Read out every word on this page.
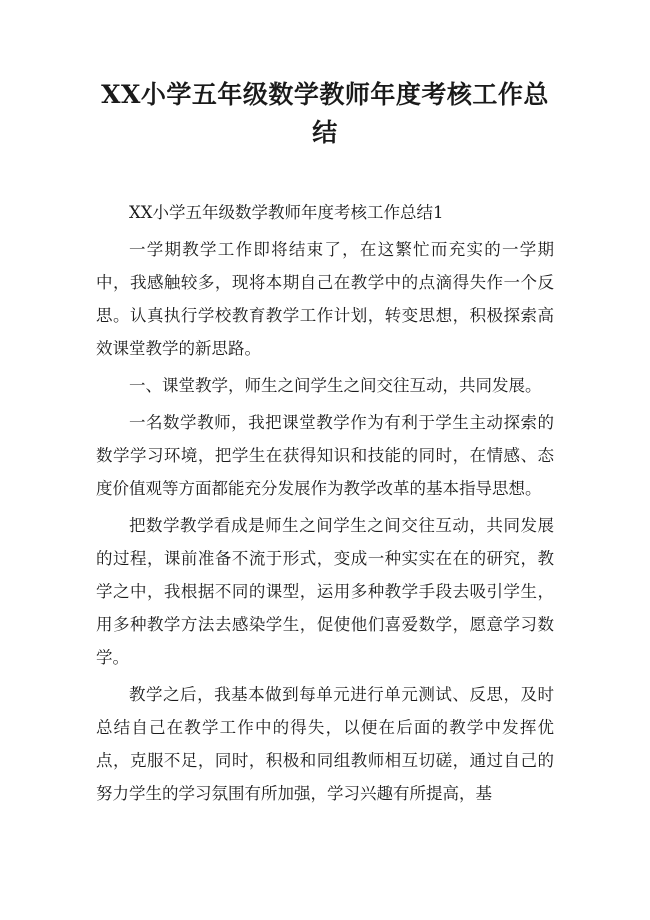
XX小学五年级数学教师年度考核工作总
结

XX小学五年级数学教师年度考核工作总结1

一学期教学工作即将结束了，在这繁忙而充实的一学期中，我感触较多，现将本期自己在教学中的点滴得失作一个反思。认真执行学校教育教学工作计划，转变思想，积极探索高效课堂教学的新思路。

一、课堂教学，师生之间学生之间交往互动，共同发展。

一名数学教师，我把课堂教学作为有利于学生主动探索的数学学习环境，把学生在获得知识和技能的同时，在情感、态度价值观等方面都能充分发展作为教学改革的基本指导思想。

把数学教学看成是师生之间学生之间交往互动，共同发展的过程，课前准备不流于形式，变成一种实实在在的研究，教学之中，我根据不同的课型，运用多种教学手段去吸引学生，用多种教学方法去感染学生，促使他们喜爱数学，愿意学习数学。

教学之后，我基本做到每单元进行单元测试、反思，及时总结自己在教学工作中的得失，以便在后面的教学中发挥优点，克服不足，同时，积极和同组教师相互切磋，通过自己的努力学生的学习氛围有所加强，学习兴趣有所提高，基
